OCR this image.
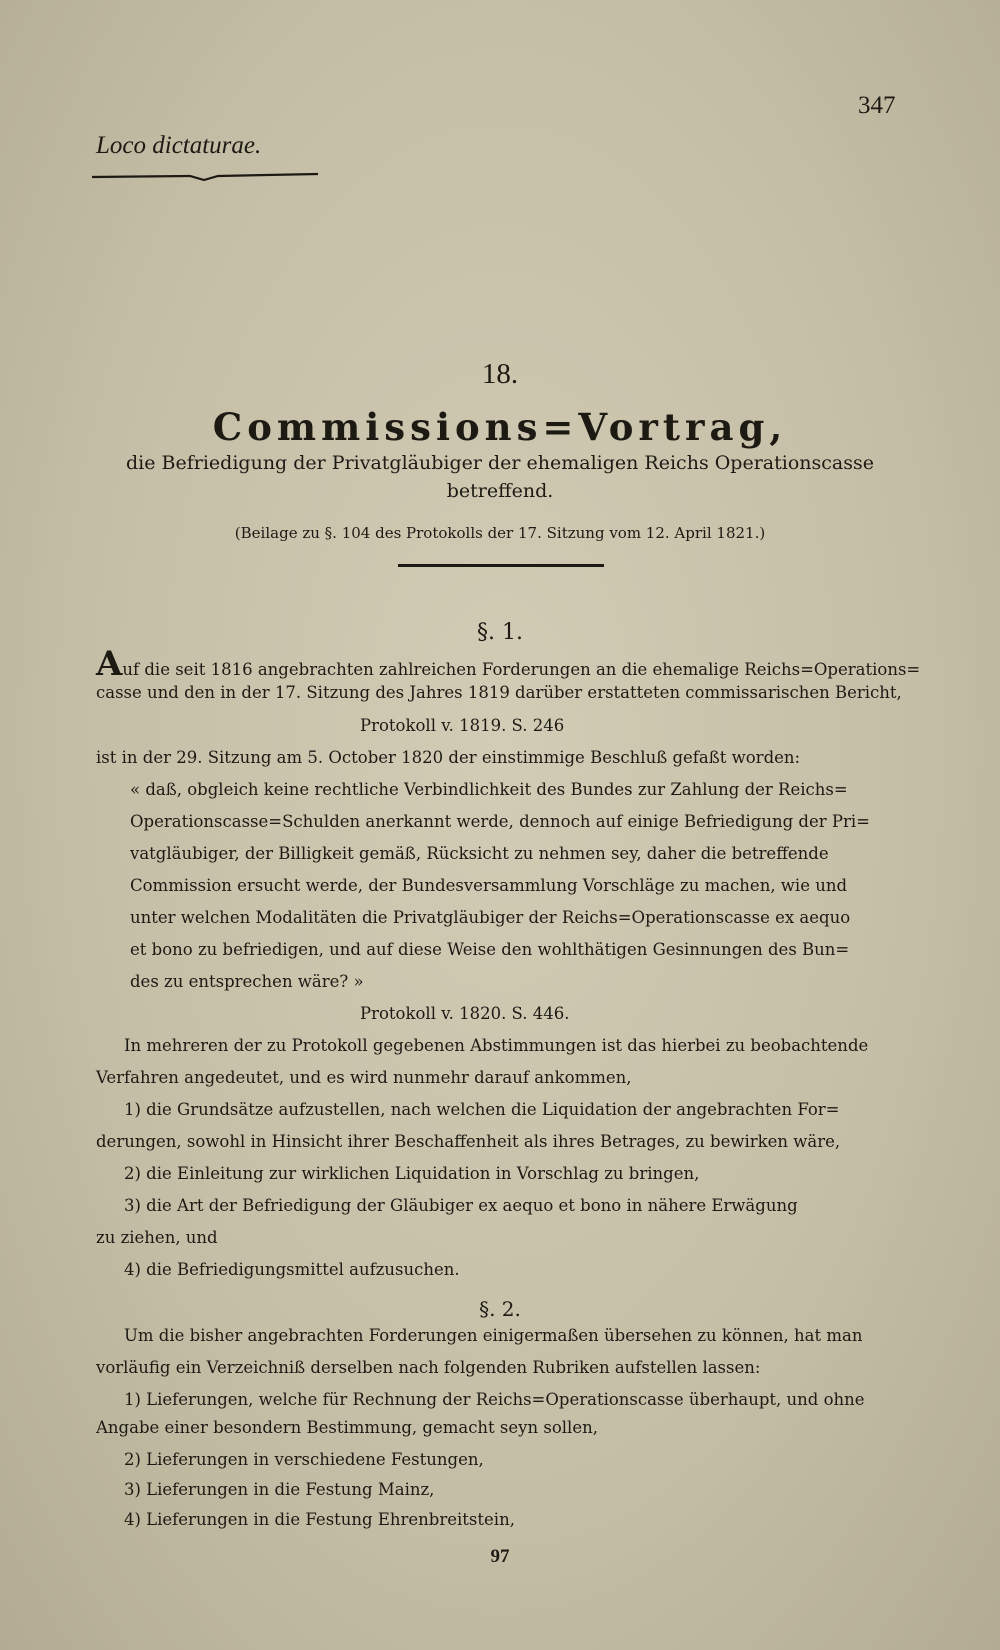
347
Loco dictaturae.
18.
Commissions=Vortrag,
die Befriedigung der Privatgläubiger der ehemaligen Reichs Operationscasse
betreffend.
(Beilage zu §. 104 des Protokolls der 17. Sitzung vom 12. April 1821.)
§. 1.
Auf die seit 1816 angebrachten zahlreichen Forderungen an die ehemalige Reichs=Operations=
casse und den in der 17. Sitzung des Jahres 1819 darüber erstatteten commissarischen Bericht,
Protokoll v. 1819. S. 246
ist in der 29. Sitzung am 5. October 1820 der einstimmige Beschluß gefaßt worden:
« daß, obgleich keine rechtliche Verbindlichkeit des Bundes zur Zahlung der Reichs=
Operationscasse=Schulden anerkannt werde, dennoch auf einige Befriedigung der Pri=
vatgläubiger, der Billigkeit gemäß, Rücksicht zu nehmen sey, daher die betreffende
Commission ersucht werde, der Bundesversammlung Vorschläge zu machen, wie und
unter welchen Modalitäten die Privatgläubiger der Reichs=Operationscasse ex aequo
et bono zu befriedigen, und auf diese Weise den wohlthätigen Gesinnungen des Bun=
des zu entsprechen wäre? »
Protokoll v. 1820. S. 446.
In mehreren der zu Protokoll gegebenen Abstimmungen ist das hierbei zu beobachtende
Verfahren angedeutet, und es wird nunmehr darauf ankommen,
1) die Grundsätze aufzustellen, nach welchen die Liquidation der angebrachten For=
derungen, sowohl in Hinsicht ihrer Beschaffenheit als ihres Betrages, zu bewirken wäre,
2) die Einleitung zur wirklichen Liquidation in Vorschlag zu bringen,
3) die Art der Befriedigung der Gläubiger ex aequo et bono in nähere Erwägung
zu ziehen, und
4) die Befriedigungsmittel aufzusuchen.
§. 2.
Um die bisher angebrachten Forderungen einigermaßen übersehen zu können, hat man
vorläufig ein Verzeichniß derselben nach folgenden Rubriken aufstellen lassen:
1) Lieferungen, welche für Rechnung der Reichs=Operationscasse überhaupt, und ohne
Angabe einer besondern Bestimmung, gemacht seyn sollen,
2) Lieferungen in verschiedene Festungen,
3) Lieferungen in die Festung Mainz,
4) Lieferungen in die Festung Ehrenbreitstein,
97
